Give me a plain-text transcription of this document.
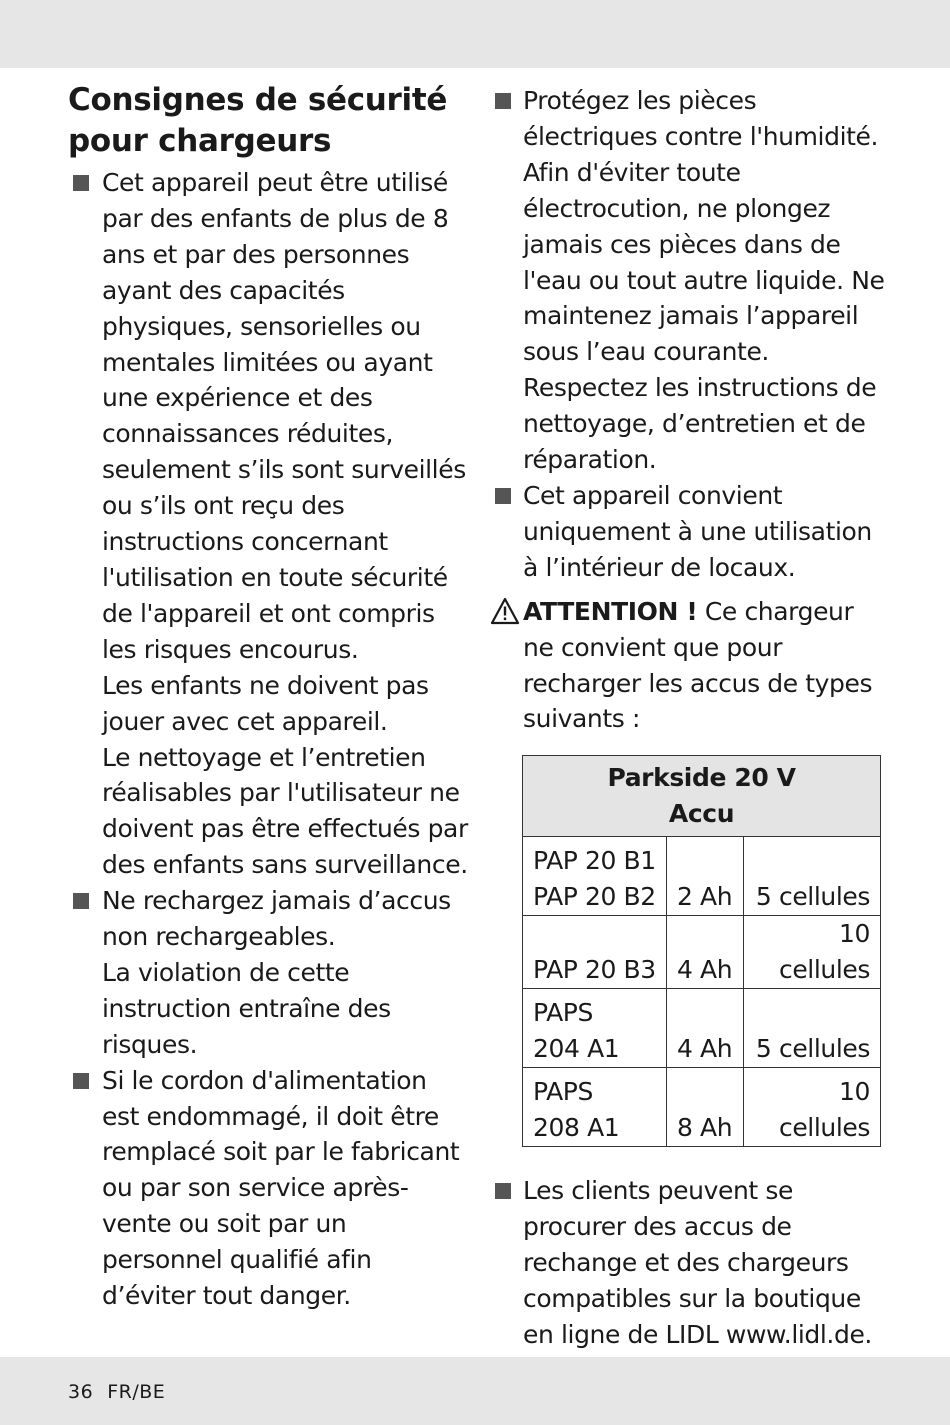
Consignes de sécurité
pour chargeurs

Cet appareil peut être utilisé par des enfants de plus de 8 ans et par des personnes ayant des capacités physiques, sensorielles ou mentales limitées ou ayant une expérience et des connaissances réduites, seulement s’ils sont surveillés ou s’ils ont reçu des instructions concernant l'utilisation en toute sécurité de l'appareil et ont compris les risques encourus.

Les enfants ne doivent pas jouer avec cet appareil.

Le nettoyage et l’entretien réalisables par l'utilisateur ne doivent pas être effectués par des enfants sans surveillance.

Ne rechargez jamais d’accus non rechargeables.

La violation de cette instruction entraîne des risques.

Si le cordon d'alimentation est endommagé, il doit être remplacé soit par le fabricant ou par son service après-vente ou soit par un personnel qualifié afin d’éviter tout danger.

Protégez les pièces électriques contre l'humidité. Afin d'éviter toute électrocution, ne plongez jamais ces pièces dans de l'eau ou tout autre liquide. Ne maintenez jamais l’appareil sous l’eau courante. Respectez les instructions de nettoyage, d’entretien et de réparation.

Cet appareil convient uniquement à une utilisation à l’intérieur de locaux.

ATTENTION ! Ce chargeur ne convient que pour recharger les accus de types suivants :
Parkside 20 V
Accu		
PAP 20 B1
PAP 20 B2	2 Ah	5 cellules
PAP 20 B3	4 Ah	10 cellules
PAPS
204 A1	4 Ah	5 cellules
PAPS
208 A1	8 Ah	10 cellules

Les clients peuvent se procurer des accus de rechange et des chargeurs compatibles sur la boutique en ligne de LIDL www.lidl.de.

36 FR/BE
